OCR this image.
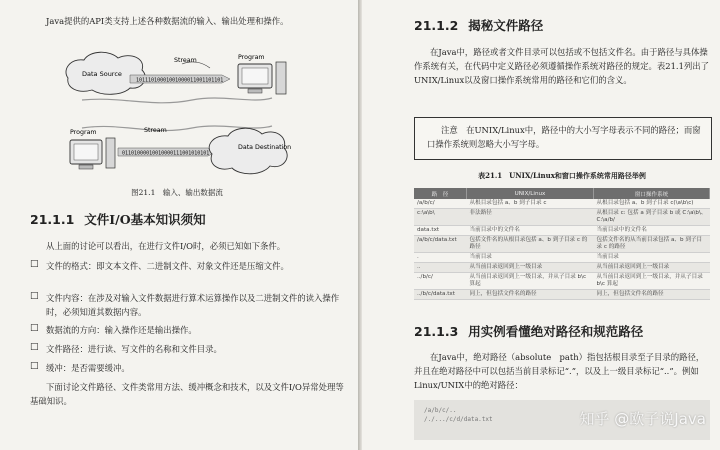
Java提供的API类支持上述各种数据流的输入、输出处理和操作。
Data Source
10111010001001000011001101101
Stream	Program
Program	Stream
01101000010010000111001010101
Data Destination
图21.1　输入、输出数据流
21.1.1 文件I/O基本知识须知
从上面的讨论可以看出，在进行文件I/O时，必须已知如下条件。
□ 文件的格式：即文本文件、二进制文件、对象文件还是压缩文件。
□ 文件内容：在涉及对输入文件数据进行算术运算操作以及二进制文件的读入操作时，必须知道其数据内容。
□ 数据流的方向：输入操作还是输出操作。
□ 文件路径：进行读、写文件的名称和文件目录。
□ 缓冲：是否需要缓冲。
下面讨论文件路径、文件类常用方法、缓冲概念和技术，以及文件I/O异常处理等基础知识。
21.1.2 揭秘文件路径
在Java中，路径或者文件目录可以包括或不包括文件名。由于路径与具体操作系统有关，在代码中定义路径必须遵循操作系统对路径的规定。表21.1列出了UNIX/Linux以及窗口操作系统常用的路径和它们的含义。
注意　在UNIX/Linux中，路径中的大小写字母表示不同的路径；而窗口操作系统则忽略大小写字母。
表21.1　UNIX/Linux和窗口操作系统常用路径举例
路　径	UNIX/Linux	窗口操作系统
/a/b/c/	从根目录包括 a、b 到子目录 c	从根目录包括 a、b 到子目录 c(\a\b\c)
c:\a\b\	非法路径	从根目录 c: 包括 a 到子目录 b 或 C:\a\b\、C:\a/b/
data.txt	当前目录中的文件名	当前目录中的文件名
/a/b/c/data.txt	包括文件名的从根目录包括 a、b 到子目录 c 的路径	包括文件名的从当前目录包括 a、b 到子目录 c 的路径
.	当前目录	当前目录
..	从当前目录返回到上一级目录	从当前目录返回到上一级目录
../b/c/	从当前目录返回到上一级目录，并从子目录 b\c 算起	从当前目录返回到上一级目录，并从子目录 b\c 算起
../b/c/data.txt	同上，但包括文件名的路径	同上，但包括文件名的路径
21.1.3 用实例看懂绝对路径和规范路径
在Java中，绝对路径（absolute　path）指包括根目录至子目录的路径，并且在绝对路径中可以包括当前目录标记“.”，以及上一级目录标记“..”。例如Linux/UNIX中的绝对路径：
/a/b/c/..
/./.../c/d/data.txt	知乎 @欧子说Java
